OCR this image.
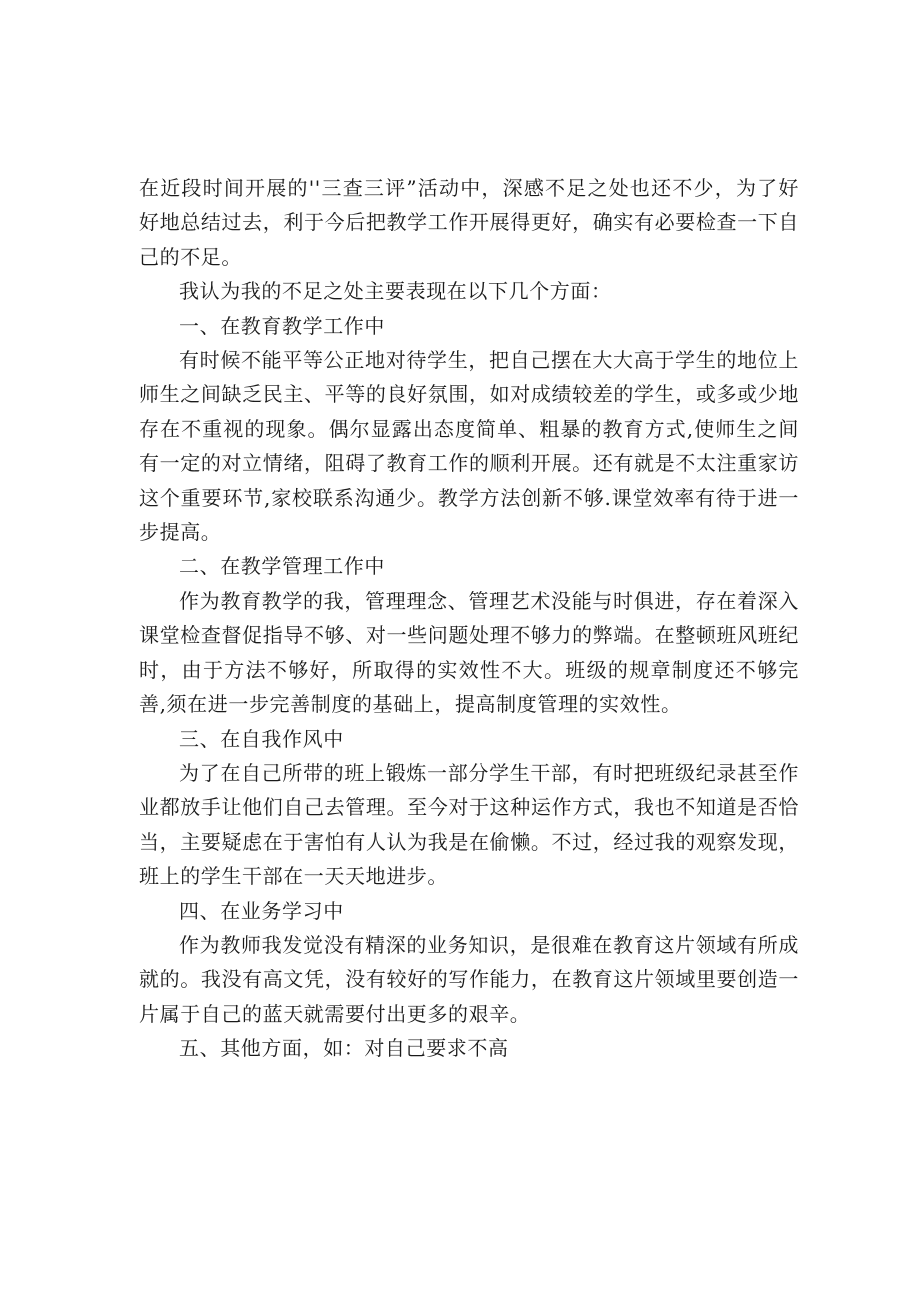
在近段时间开展的''三查三评”活动中，深感不足之处也还不少，为了好好地总结过去，利于今后把教学工作开展得更好，确实有必要检查一下自己的不足。

我认为我的不足之处主要表现在以下几个方面：

一、在教育教学工作中

有时候不能平等公正地对待学生，把自己摆在大大高于学生的地位上师生之间缺乏民主、平等的良好氛围，如对成绩较差的学生，或多或少地存在不重视的现象。偶尔显露出态度简单、粗暴的教育方式,使师生之间有一定的对立情绪，阻碍了教育工作的顺利开展。还有就是不太注重家访这个重要环节,家校联系沟通少。教学方法创新不够.课堂效率有待于进一步提高。

二、在教学管理工作中

作为教育教学的我，管理理念、管理艺术没能与时俱进，存在着深入课堂检查督促指导不够、对一些问题处理不够力的弊端。在整顿班风班纪时，由于方法不够好，所取得的实效性不大。班级的规章制度还不够完善,须在进一步完善制度的基础上，提高制度管理的实效性。

三、在自我作风中

为了在自己所带的班上锻炼一部分学生干部，有时把班级纪录甚至作业都放手让他们自己去管理。至今对于这种运作方式，我也不知道是否恰当，主要疑虑在于害怕有人认为我是在偷懒。不过，经过我的观察发现，班上的学生干部在一天天地进步。

四、在业务学习中

作为教师我发觉没有精深的业务知识，是很难在教育这片领域有所成就的。我没有高文凭，没有较好的写作能力，在教育这片领域里要创造一片属于自己的蓝天就需要付出更多的艰辛。

五、其他方面，如：对自己要求不高
